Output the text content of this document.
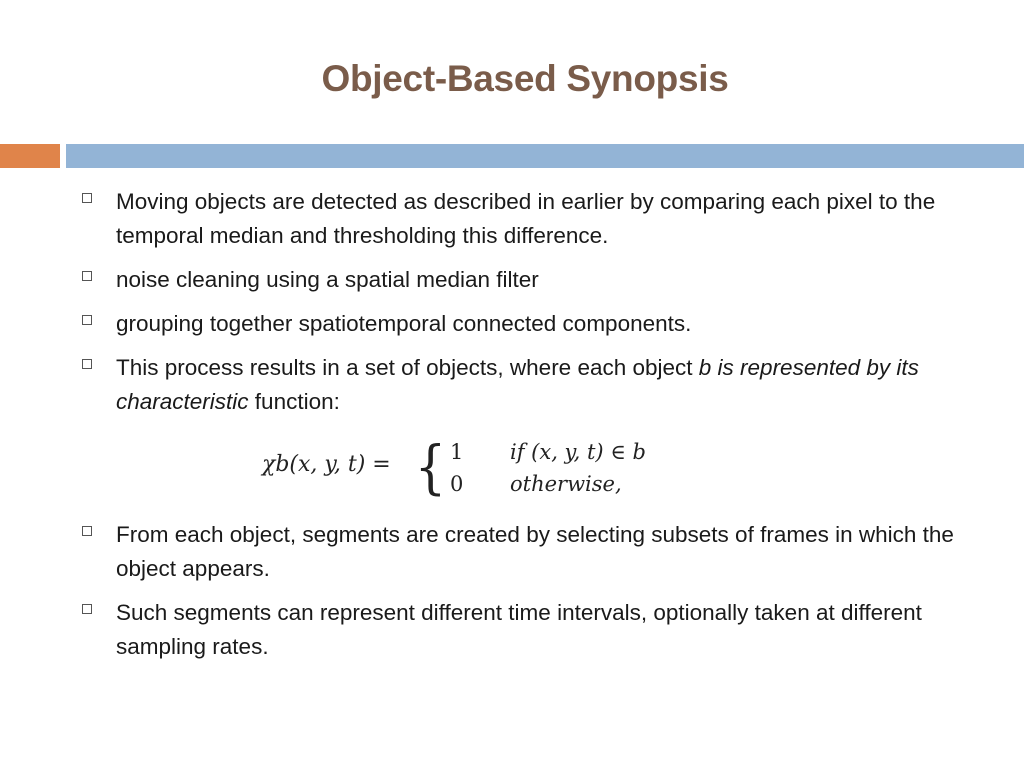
Object-Based Synopsis
Moving objects are detected as described in earlier by comparing each pixel to the temporal median and thresholding this difference.
noise cleaning using a spatial median filter
grouping together spatiotemporal connected components.
This process results in a set of objects, where each object b is represented by its characteristic function:
χb(x, y, t) = { 1 if (x, y, t) ∈ b
0 otherwise,
From each object, segments are created by selecting subsets of frames in which the object appears.
Such segments can represent different time intervals, optionally taken at different sampling rates.
